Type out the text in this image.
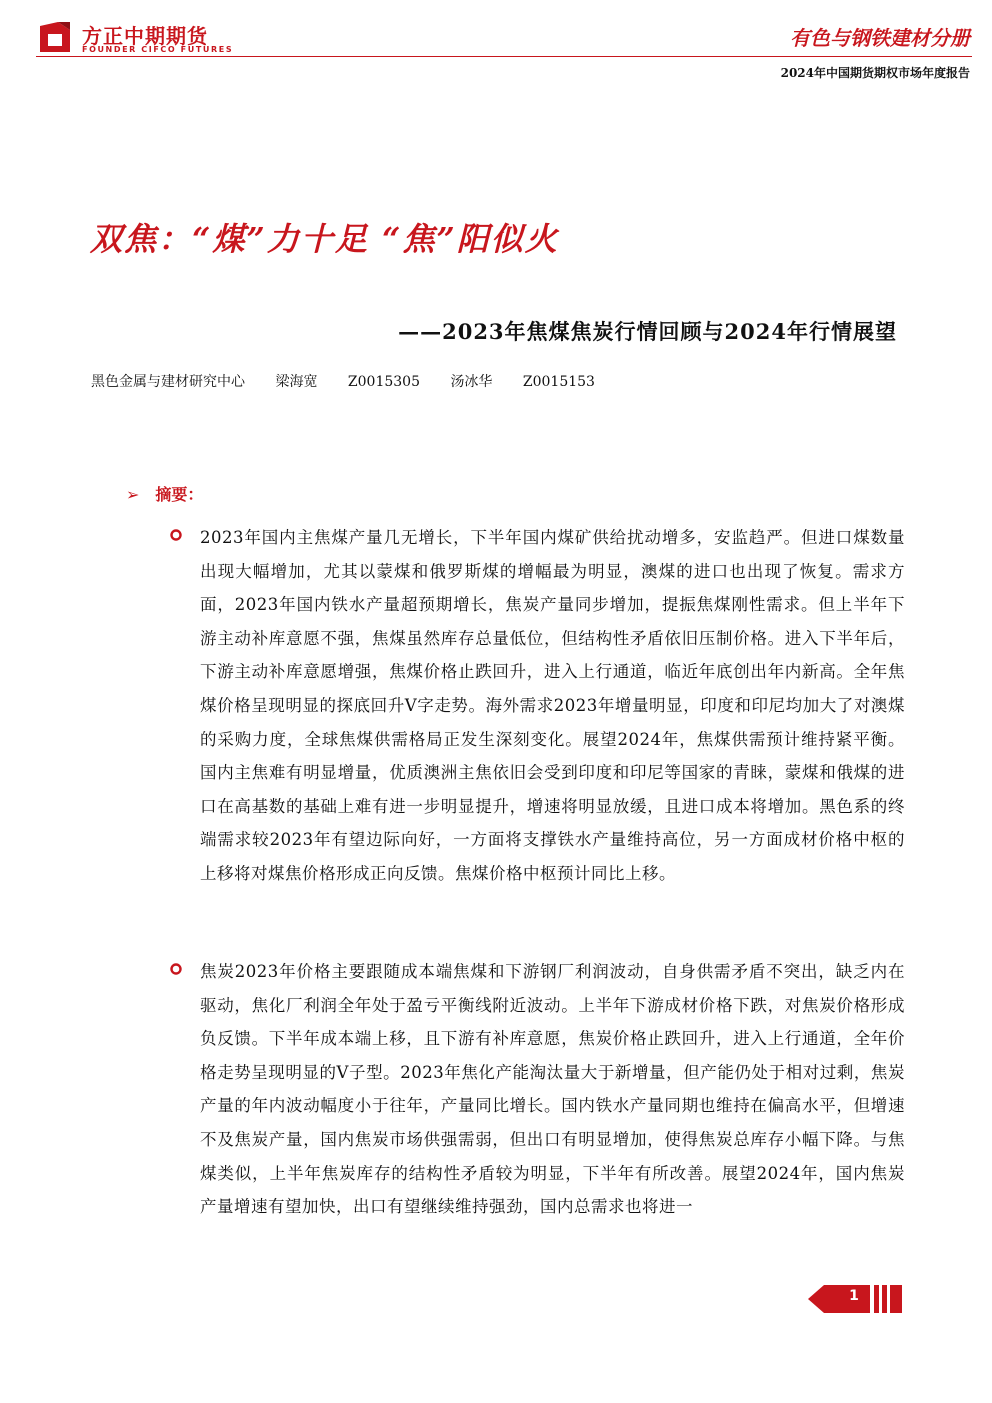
方正中期期货
FOUNDER CIFCO FUTURES	有色与钢铁建材分册
2024年中国期货期权市场年度报告
双焦：“煤”力十足 “焦”阳似火
——2023年焦煤焦炭行情回顾与2024年行情展望
黑色金属与建材研究中心 梁海宽 Z0015305 汤冰华 Z0015153
➢ 摘要：
2023年国内主焦煤产量几无增长，下半年国内煤矿供给扰动增多，安监趋严。但进口煤数量出现大幅增加，尤其以蒙煤和俄罗斯煤的增幅最为明显，澳煤的进口也出现了恢复。需求方面，2023年国内铁水产量超预期增长，焦炭产量同步增加，提振焦煤刚性需求。但上半年下游主动补库意愿不强，焦煤虽然库存总量低位，但结构性矛盾依旧压制价格。进入下半年后，下游主动补库意愿增强，焦煤价格止跌回升，进入上行通道，临近年底创出年内新高。全年焦煤价格呈现明显的探底回升V字走势。海外需求2023年增量明显，印度和印尼均加大了对澳煤的采购力度，全球焦煤供需格局正发生深刻变化。展望2024年，焦煤供需预计维持紧平衡。国内主焦难有明显增量，优质澳洲主焦依旧会受到印度和印尼等国家的青睐，蒙煤和俄煤的进口在高基数的基础上难有进一步明显提升，增速将明显放缓，且进口成本将增加。黑色系的终端需求较2023年有望边际向好，一方面将支撑铁水产量维持高位，另一方面成材价格中枢的上移将对煤焦价格形成正向反馈。焦煤价格中枢预计同比上移。
焦炭2023年价格主要跟随成本端焦煤和下游钢厂利润波动，自身供需矛盾不突出，缺乏内在驱动，焦化厂利润全年处于盈亏平衡线附近波动。上半年下游成材价格下跌，对焦炭价格形成负反馈。下半年成本端上移，且下游有补库意愿，焦炭价格止跌回升，进入上行通道，全年价格走势呈现明显的V子型。2023年焦化产能淘汰量大于新增量，但产能仍处于相对过剩，焦炭产量的年内波动幅度小于往年，产量同比增长。国内铁水产量同期也维持在偏高水平，但增速不及焦炭产量，国内焦炭市场供强需弱，但出口有明显增加，使得焦炭总库存小幅下降。与焦煤类似，上半年焦炭库存的结构性矛盾较为明显，下半年有所改善。展望2024年，国内焦炭产量增速有望加快，出口有望继续维持强劲，国内总需求也将进一
1
